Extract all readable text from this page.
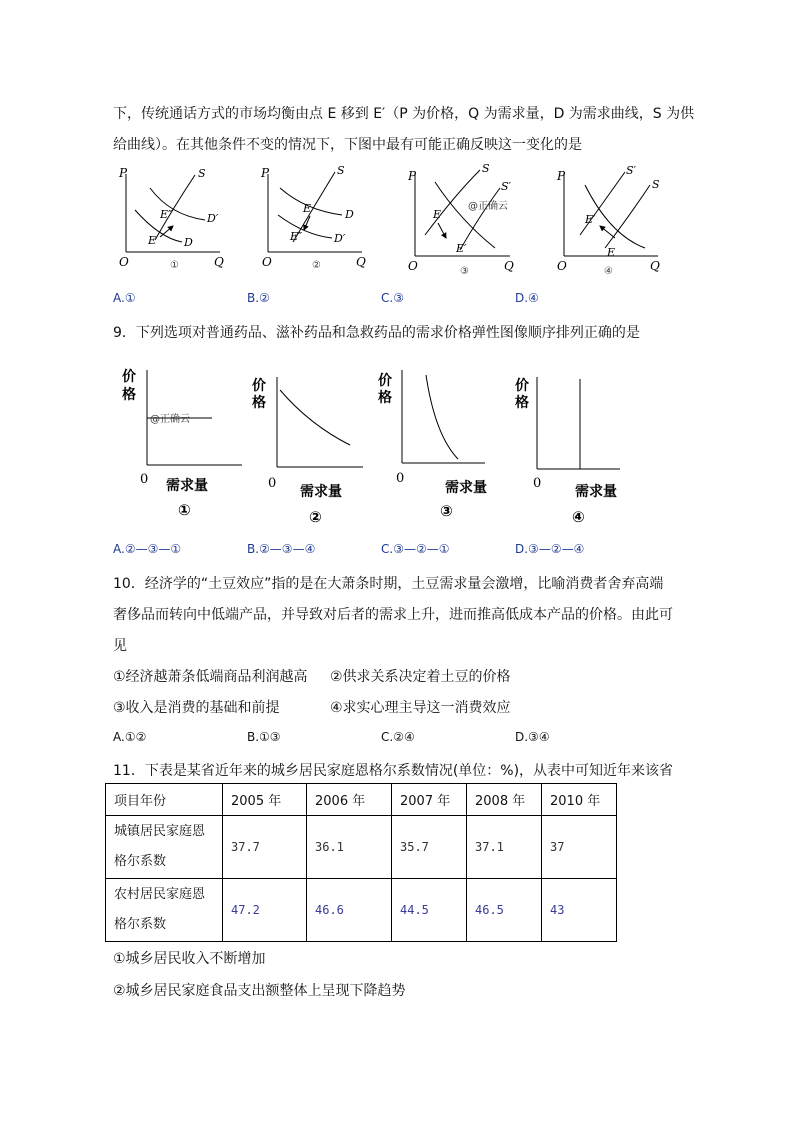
下，传统通话方式的市场均衡由点 E 移到 E′（P 为价格，Q 为需求量，D 为需求曲线，S 为供
给曲线）。在其他条件不变的情况下，下图中最有可能正确反映这一变化的是
P
O	Q
S
D′
D
E″
E
①
P
O	Q
S
D
D′
E
E″
②
P
O	Q
S
S′
@正确云
E
E′
③
P
O	Q
S′
S
E′
E
④
A.①	B.②	C.③	D.④
9．下列选项对普通药品、滋补药品和急救药品的需求价格弹性图像顺序排列正确的是
价
格
@正确云
0 需求量
①
价
格
0
需求量
②
价
格
0
需求量
③
价
格
0
需求量
④
A.②—③—①	B.②—③—④	C.③—②—①	D.③—②—④
10．经济学的“土豆效应”指的是在大萧条时期，土豆需求量会激增，比喻消费者舍弃高端
奢侈品而转向中低端产品，并导致对后者的需求上升，进而推高低成本产品的价格。由此可
见
①经济越萧条低端商品利润越高 ②供求关系决定着土豆的价格
③收入是消费的基础和前提	④求实心理主导这一消费效应
A.①②	B.①③	C.②④	D.③④
11．下表是某省近年来的城乡居民家庭恩格尔系数情况(单位：%)，从表中可知近年来该省
项目年份	2005 年	2006 年	2007 年	2008 年	2010 年

城镇居民家庭恩
格尔系数	37.7	36.1	35.7	37.1	37

农村居民家庭恩
格尔系数	47.2	46.6	44.5	46.5	43
①城乡居民收入不断增加
②城乡居民家庭食品支出额整体上呈现下降趋势
